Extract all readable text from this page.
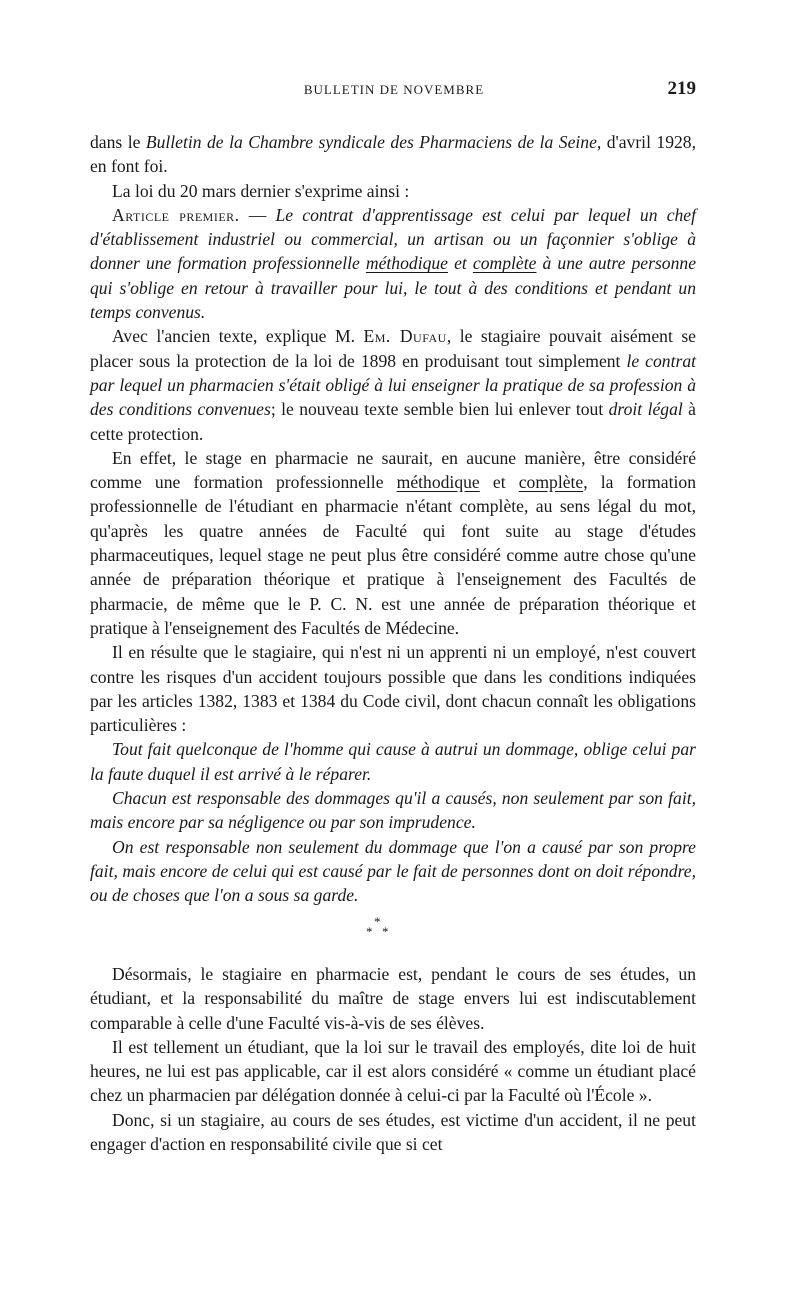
BULLETIN DE NOVEMBRE	219

dans le Bulletin de la Chambre syndicale des Pharmaciens de la Seine, d'avril 1928, en font foi.

La loi du 20 mars dernier s'exprime ainsi :

Article premier. — Le contrat d'apprentissage est celui par lequel un chef d'établissement industriel ou commercial, un artisan ou un façonnier s'oblige à donner une formation professionnelle méthodique et complète à une autre personne qui s'oblige en retour à travailler pour lui, le tout à des conditions et pendant un temps convenus.

Avec l'ancien texte, explique M. Em. Dufau, le stagiaire pouvait aisément se placer sous la protection de la loi de 1898 en produisant tout simplement le contrat par lequel un pharmacien s'était obligé à lui enseigner la pratique de sa profession à des conditions convenues; le nouveau texte semble bien lui enlever tout droit légal à cette protection.

En effet, le stage en pharmacie ne saurait, en aucune manière, être considéré comme une formation professionnelle méthodique et complète, la formation professionnelle de l'étudiant en pharmacie n'étant complète, au sens légal du mot, qu'après les quatre années de Faculté qui font suite au stage d'études pharmaceutiques, lequel stage ne peut plus être considéré comme autre chose qu'une année de préparation théorique et pratique à l'enseignement des Facultés de pharmacie, de même que le P. C. N. est une année de préparation théorique et pratique à l'enseignement des Facultés de Médecine.

Il en résulte que le stagiaire, qui n'est ni un apprenti ni un employé, n'est couvert contre les risques d'un accident toujours possible que dans les conditions indiquées par les articles 1382, 1383 et 1384 du Code civil, dont chacun connaît les obligations particulières :

Tout fait quelconque de l'homme qui cause à autrui un dommage, oblige celui par la faute duquel il est arrivé à le réparer.

Chacun est responsable des dommages qu'il a causés, non seulement par son fait, mais encore par sa négligence ou par son imprudence.

On est responsable non seulement du dommage que l'on a causé par son propre fait, mais encore de celui qui est causé par le fait de personnes dont on doit répondre, ou de choses que l'on a sous sa garde.

*
* *

Désormais, le stagiaire en pharmacie est, pendant le cours de ses études, un étudiant, et la responsabilité du maître de stage envers lui est indiscutablement comparable à celle d'une Faculté vis-à-vis de ses élèves.

Il est tellement un étudiant, que la loi sur le travail des employés, dite loi de huit heures, ne lui est pas applicable, car il est alors considéré « comme un étudiant placé chez un pharmacien par délégation donnée à celui-ci par la Faculté où l'École ».

Donc, si un stagiaire, au cours de ses études, est victime d'un accident, il ne peut engager d'action en responsabilité civile que si cet
